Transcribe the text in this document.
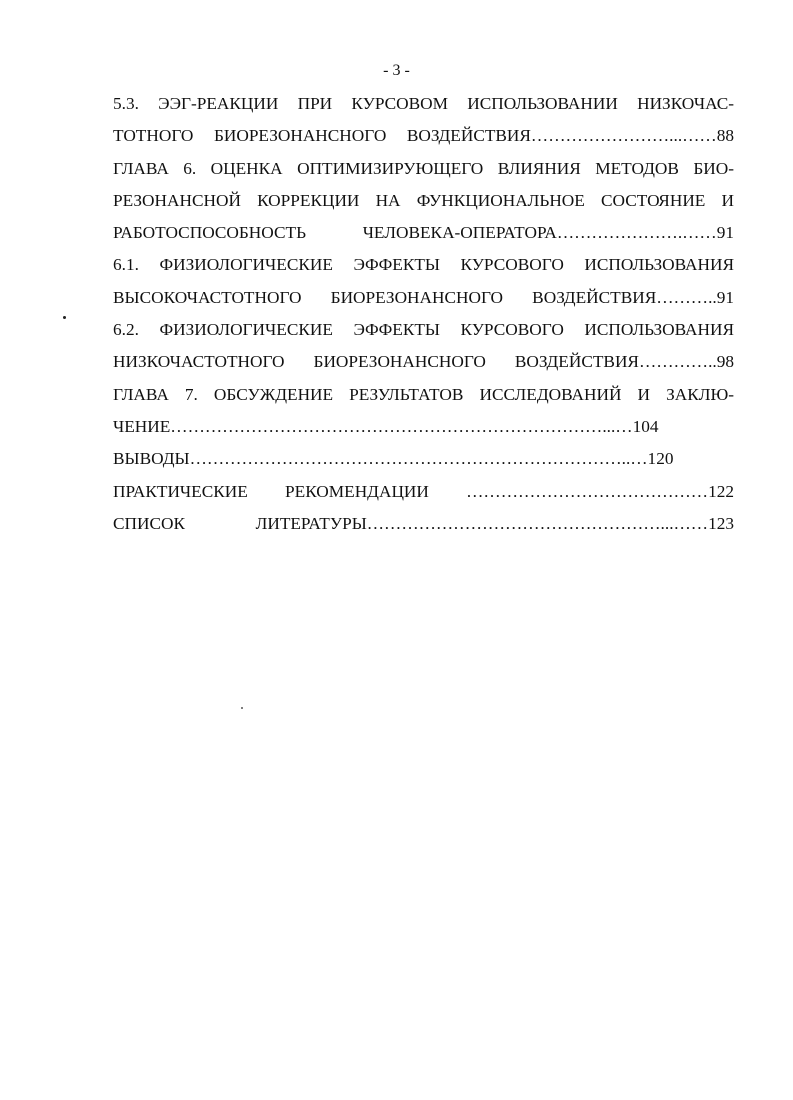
- 3 -
5.3. ЭЭГ-РЕАКЦИИ ПРИ КУРСОВОМ ИСПОЛЬЗОВАНИИ НИЗКОЧАС-
ТОТНОГО БИОРЕЗОНАНСНОГО ВОЗДЕЙСТВИЯ……………………...……88
ГЛАВА 6. ОЦЕНКА ОПТИМИЗИРУЮЩЕГО ВЛИЯНИЯ МЕТОДОВ БИО-
РЕЗОНАНСНОЙ КОРРЕКЦИИ НА ФУНКЦИОНАЛЬНОЕ СОСТОЯНИЕ И
РАБОТОСПОСОБНОСТЬ ЧЕЛОВЕКА-ОПЕРАТОРА………………….……91
6.1. ФИЗИОЛОГИЧЕСКИЕ ЭФФЕКТЫ КУРСОВОГО ИСПОЛЬЗОВАНИЯ
ВЫСОКОЧАСТОТНОГО БИОРЕЗОНАНСНОГО ВОЗДЕЙСТВИЯ………..91
6.2. ФИЗИОЛОГИЧЕСКИЕ ЭФФЕКТЫ КУРСОВОГО ИСПОЛЬЗОВАНИЯ
НИЗКОЧАСТОТНОГО БИОРЕЗОНАНСНОГО ВОЗДЕЙСТВИЯ…………..98
ГЛАВА 7. ОБСУЖДЕНИЕ РЕЗУЛЬТАТОВ ИССЛЕДОВАНИЙ И ЗАКЛЮ-
ЧЕНИЕ…………………………………………………………………...…104
ВЫВОДЫ…………………………………………………………………..…120
ПРАКТИЧЕСКИЕ РЕКОМЕНДАЦИИ ……………………………………122
СПИСОК ЛИТЕРАТУРЫ……………………………………………...……123
